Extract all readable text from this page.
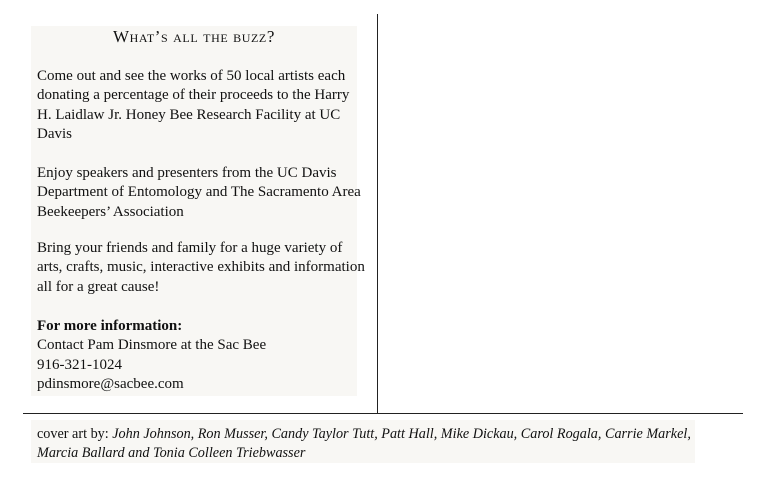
What’s all the buzz?

Come out and see the works of 50 local artists each donating a percentage of their proceeds to the Harry H. Laidlaw Jr. Honey Bee Research Facility at UC Davis

Enjoy speakers and presenters from the UC Davis Department of Entomology and The Sacramento Area Beekeepers’ Association

Bring your friends and family for a huge variety of arts, crafts, music, interactive exhibits and information all for a great cause!

For more information:
Contact Pam Dinsmore at the Sac Bee
916-321-1024
pdinsmore@sacbee.com

cover art by: John Johnson, Ron Musser, Candy Taylor Tutt, Patt Hall, Mike Dickau, Carol Rogala, Carrie Markel, Marcia Ballard and Tonia Colleen Triebwasser
